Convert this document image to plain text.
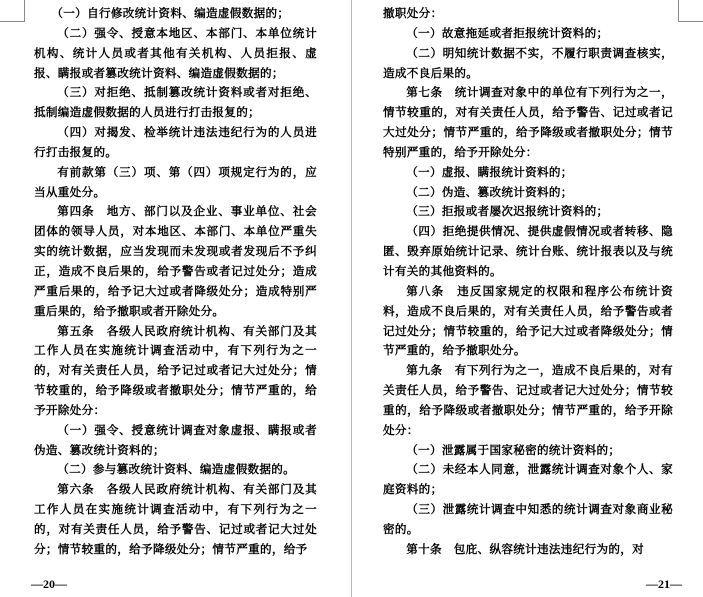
（一）自行修改统计资料、编造虚假数据的；

（二）强令、授意本地区、本部门、本单位统计机构、统计人员或者其他有关机构、人员拒报、虚报、瞒报或者篡改统计资料、编造虚假数据的；

（三）对拒绝、抵制篡改统计资料或者对拒绝、抵制编造虚假数据的人员进行打击报复的；

（四）对揭发、检举统计违法违纪行为的人员进行打击报复的。

有前款第（三）项、第（四）项规定行为的，应当从重处分。

第四条　地方、部门以及企业、事业单位、社会团体的领导人员，对本地区、本部门、本单位严重失实的统计数据，应当发现而未发现或者发现后不予纠正，造成不良后果的，给予警告或者记过处分；造成严重后果的，给予记大过或者降级处分；造成特别严重后果的，给予撤职或者开除处分。

第五条　各级人民政府统计机构、有关部门及其工作人员在实施统计调查活动中，有下列行为之一的，对有关责任人员，给予记过或者记大过处分；情节较重的，给予降级或者撤职处分；情节严重的，给予开除处分：

（一）强令、授意统计调查对象虚报、瞒报或者伪造、篡改统计资料的；

（二）参与篡改统计资料、编造虚假数据的。

第六条　各级人民政府统计机构、有关部门及其工作人员在实施统计调查活动中，有下列行为之一的，对有关责任人员，给予警告、记过或者记大过处分；情节较重的，给予降级处分；情节严重的，给予

—20—

撤职处分：

（一）故意拖延或者拒报统计资料的；

（二）明知统计数据不实，不履行职责调查核实，造成不良后果的。

第七条　统计调查对象中的单位有下列行为之一，情节较重的，对有关责任人员，给予警告、记过或者记大过处分；情节严重的，给予降级或者撤职处分；情节特别严重的，给予开除处分：

（一）虚报、瞒报统计资料的；

（二）伪造、篡改统计资料的；

（三）拒报或者屡次迟报统计资料的；

（四）拒绝提供情况、提供虚假情况或者转移、隐匿、毁弃原始统计记录、统计台账、统计报表以及与统计有关的其他资料的。

第八条　违反国家规定的权限和程序公布统计资料，造成不良后果的，对有关责任人员，给予警告或者记过处分；情节较重的，给予记大过或者降级处分；情节严重的，给予撤职处分。

第九条　有下列行为之一，造成不良后果的，对有关责任人员，给予警告、记过或者记大过处分；情节较重的，给予降级或者撤职处分；情节严重的，给予开除处分：

（一）泄露属于国家秘密的统计资料的；

（二）未经本人同意，泄露统计调查对象个人、家庭资料的；

（三）泄露统计调查中知悉的统计调查对象商业秘密的。

第十条　包庇、纵容统计违法违纪行为的，对

—21—
